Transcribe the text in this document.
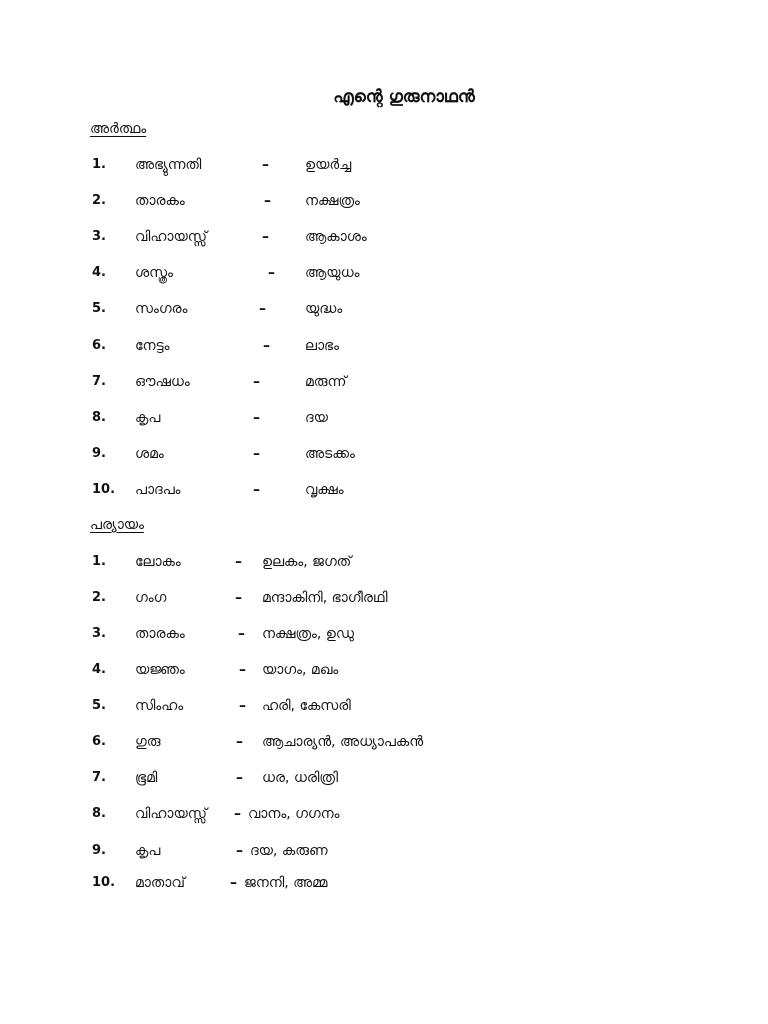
എന്റെ ഗുരുനാഥൻ
അർത്ഥം
പര്യായം
1. അഭ്യുന്നതി	–	ഉയർച്ച
2. താരകം	– നക്ഷത്രം
3. വിഹായസ്സ്	–	ആകാശം
4. ശസ്ത്രം	– ആയുധം
5. സംഗരം	–	യുദ്ധം
6. നേട്ടം	–	ലാഭം
7. ഔഷധം	–	മരുന്ന്
8. കൃപ	–	ദയ
9. ശമം	–	അടക്കം
10. പാദപം	–	വൃക്ഷം
1. ലോകം	– ഉലകം, ജഗത്
2. ഗംഗ	– മന്ദാകിനി, ഭാഗീരഥി
3. താരകം	– നക്ഷത്രം, ഉഡു
4. യജ്ഞം	– യാഗം, മഖം
5. സിംഹം	– ഹരി, കേസരി
6. ഗുരു	– ആചാര്യൻ, അധ്യാപകൻ
7. ഭൂമി	– ധര, ധരിത്രി
8. വിഹായസ്സ് – വാനം, ഗഗനം
9. കൃപ	– ദയ, കരുണ
10. മാതാവ്	– ജനനി, അമ്മ
